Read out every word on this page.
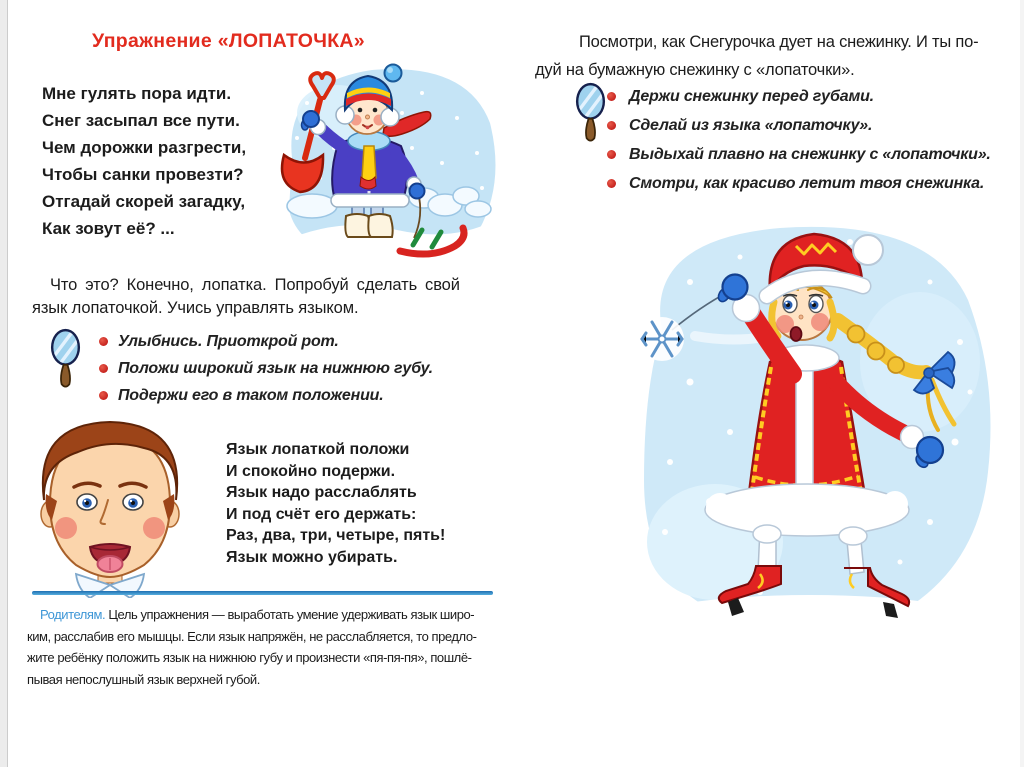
Упражнение «ЛОПАТОЧКА»
Мне гулять пора идти.
Снег засыпал все пути.
Чем дорожки разгрести,
Чтобы санки провезти?
Отгадай скорей загадку,
Как зовут её? ...
Что это? Конечно, лопатка. Попробуй сделать свой
язык лопаточкой. Учись управлять языком.
Улыбнись. Приоткрой рот.
Положи широкий язык на нижнюю губу.
Подержи его в таком положении.
Язык лопаткой положи
И спокойно подержи.
Язык надо расслаблять
И под счёт его держать:
Раз, два, три, четыре, пять!
Язык можно убирать.
Родителям. Цель упражнения — выработать умение удерживать язык широ-
ким, расслабив его мышцы. Если язык напряжён, не расслабляется, то предло-
жите ребёнку положить язык на нижнюю губу и произнести «пя-пя-пя», пошлё-
пывая непослушный язык верхней губой.
Посмотри, как Снегурочка дует на снежинку. И ты по-
дуй на бумажную снежинку с «лопаточки».
Держи снежинку перед губами.
Сделай из языка «лопаточку».
Выдыхай плавно на снежинку с «лопаточки».
Смотри, как красиво летит твоя снежинка.
